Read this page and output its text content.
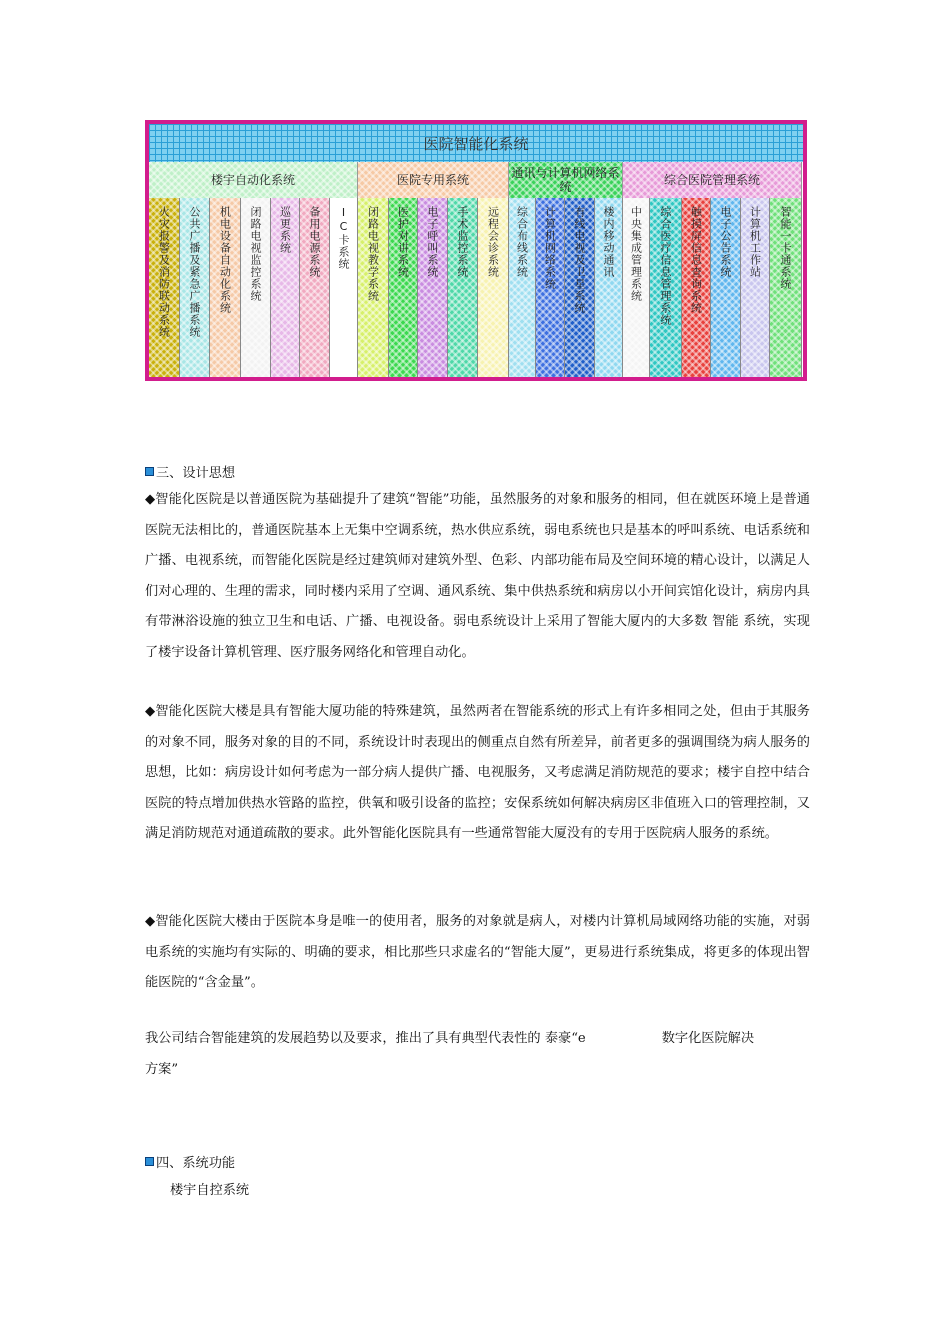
医院智能化系统
楼宇自动化系统	医院专用系统	通讯与计算机网络系统	综合医院管理系统
火灾报警及消防联动系统 公共广播及紧急广播系统 机电设备自动化系统 闭路电视监控系统 巡更系统 备用电源系统 IC卡系统 闭路电视教学系统 医护对讲系统 电子呼叫系统 手术监控系统 远程会诊系统 综合布线系统 计算机网络系统 有线电视及卫星系统 楼内移动通讯 中央集成管理系统 综合医疗信息管理系统 触摸屏信息查询系统 电子公告系统 计算机工作站 智能一卡通系统
三、设计思想
◆智能化医院是以普通医院为基础提升了建筑“智能”功能，虽然服务的对象和服务的相同，但在就医环境上是普通医院无法相比的，普通医院基本上无集中空调系统，热水供应系统，弱电系统也只是基本的呼叫系统、电话系统和广播、电视系统，而智能化医院是经过建筑师对建筑外型、色彩、内部功能布局及空间环境的精心设计，以满足人们对心理的、生理的需求，同时楼内采用了空调、通风系统、集中供热系统和病房以小开间宾馆化设计，病房内具有带淋浴设施的独立卫生和电话、广播、电视设备。弱电系统设计上采用了智能大厦内的大多数 智能 系统，实现了楼宇设备计算机管理、医疗服务网络化和管理自动化。
◆智能化医院大楼是具有智能大厦功能的特殊建筑，虽然两者在智能系统的形式上有许多相同之处，但由于其服务的对象不同，服务对象的目的不同，系统设计时表现出的侧重点自然有所差异，前者更多的强调围绕为病人服务的思想，比如：病房设计如何考虑为一部分病人提供广播、电视服务，又考虑满足消防规范的要求；楼宇自控中结合医院的特点增加供热水管路的监控，供氧和吸引设备的监控；安保系统如何解决病房区非值班入口的管理控制，又满足消防规范对通道疏散的要求。此外智能化医院具有一些通常智能大厦没有的专用于医院病人服务的系统。
◆智能化医院大楼由于医院本身是唯一的使用者，服务的对象就是病人，对楼内计算机局域网络功能的实施，对弱电系统的实施均有实际的、明确的要求，相比那些只求虚名的“智能大厦”，更易进行系统集成，将更多的体现出智能医院的“含金量”。
我公司结合智能建筑的发展趋势以及要求，推出了具有典型代表性的 泰豪“e	数字化医院解决
方案”
四、系统功能
楼宇自控系统
